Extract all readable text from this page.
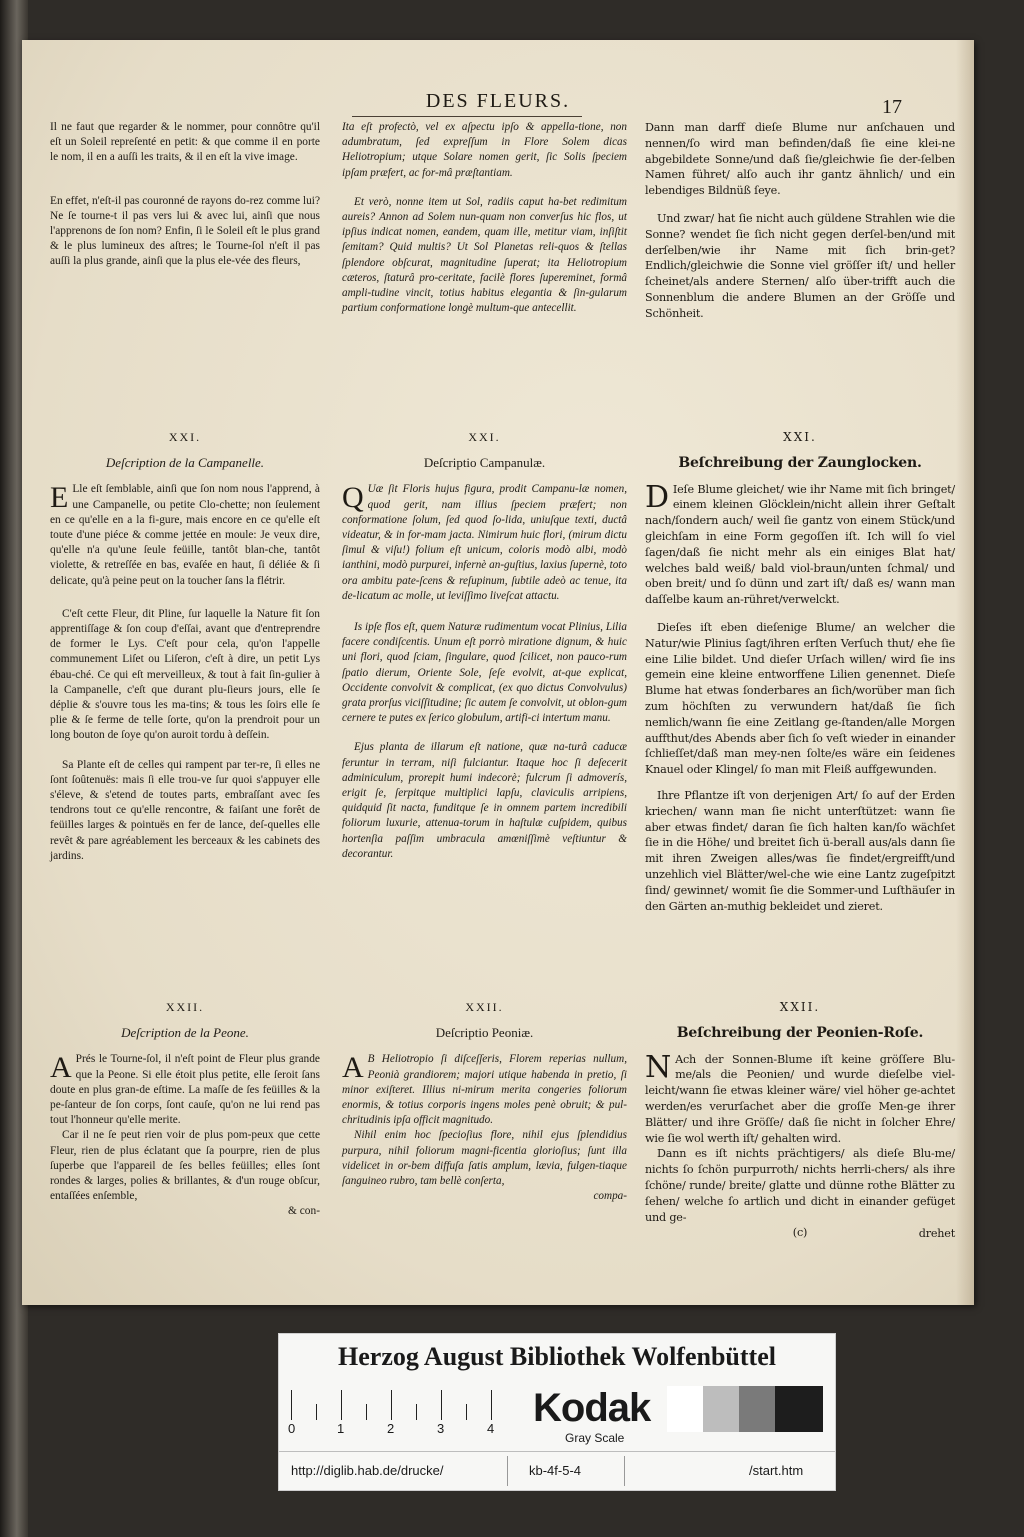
DES FLEURS.	17

Il ne faut que regarder & le nommer, pour connôtre qu'il eſt un Soleil repreſenté en petit: & que comme il en porte le nom, il en a auſſi les traits, & il en eſt la vive image.

En effet, n'eſt-il pas couronné de rayons do-rez comme lui? Ne ſe tourne-t il pas vers lui & avec lui, ainſi que nous l'apprenons de ſon nom? Enfin, ſi le Soleil eſt le plus grand & le plus lumineux des aſtres; le Tourne-ſol n'eſt il pas auſſi la plus grande, ainſi que la plus ele-vée des fleurs,

XXI.
Deſcription de la Campanelle.

E Lle eſt ſemblable, ainſi que ſon nom nous l'apprend, à une Campanelle, ou petite Clo-chette; non ſeulement en ce qu'elle en a la fi-gure, mais encore en ce qu'elle eſt toute d'une piéce & comme jettée en moule: Je veux dire, qu'elle n'a qu'une ſeule feüille, tantôt blan-che, tantôt violette, & retreſſée en bas, evaſée en haut, ſi déliée & ſi delicate, qu'à peine peut on la toucher ſans la flétrir.

C'eſt cette Fleur, dit Pline, ſur laquelle la Nature fit ſon apprentiſſage & ſon coup d'eſſai, avant que d'entreprendre de former le Lys. C'eſt pour cela, qu'on l'appelle communement Liſet ou Liſeron, c'eſt à dire, un petit Lys ébau-ché. Ce qui eſt merveilleux, & tout à fait ſin-gulier à la Campanelle, c'eſt que durant plu-ſieurs jours, elle ſe déplie & s'ouvre tous les ma-tins; & tous les ſoirs elle ſe plie & ſe ferme de telle ſorte, qu'on la prendroit pour un long bouton de ſoye qu'on auroit tordu à deſſein.

Sa Plante eſt de celles qui rampent par ter-re, ſi elles ne ſont ſoûtenuës: mais ſi elle trou-ve ſur quoi s'appuyer elle s'éleve, & s'etend de toutes parts, embraſſant avec ſes tendrons tout ce qu'elle rencontre, & faiſant une forêt de feüilles larges & pointuës en fer de lance, deſ-quelles elle revêt & pare agréablement les berceaux & les cabinets des jardins.

XXII.
Deſcription de la Peone.

A Prés le Tourne-ſol, il n'eſt point de Fleur plus grande que la Peone. Si elle étoit plus petite, elle ſeroit ſans doute en plus gran-de eſtime. La maſſe de ſes feüilles & la pe-ſanteur de ſon corps, ſont cauſe, qu'on ne lui rend pas tout l'honneur qu'elle merite.

Car il ne ſe peut rien voir de plus pom-peux que cette Fleur, rien de plus éclatant que ſa pourpre, rien de plus ſuperbe que l'appareil de ſes belles feüilles; elles ſont rondes & larges, polies & brillantes, & d'un rouge obſcur, entaſſées enſemble,

& con-

Ita eſt profectò, vel ex aſpectu ipſo & appella-tione, non adumbratum, ſed expreſſum in Flore Solem dicas Heliotropium; utque Solare nomen gerit, ſic Solis ſpeciem ipſam præfert, ac for-mâ præſtantiam.

Et verò, nonne item ut Sol, radiis caput ha-bet redimitum aureis? Annon ad Solem nun-quam non converſus hic flos, ut ipſius indicat nomen, eandem, quam ille, metitur viam, inſiſtit ſemitam? Quid multis? Ut Sol Planetas reli-quos & ſtellas ſplendore obſcurat, magnitudine ſuperat; ita Heliotropium cæteros, ſtaturâ pro-ceritate, facilè flores ſupereminet, formâ ampli-tudine vincit, totius habitus elegantia & ſin-gularum partium conformatione longè multum-que antecellit.

XXI.
Deſcriptio Campanulæ.

Q Uæ ſit Floris hujus figura, prodit Campanu-læ nomen, quod gerit, nam illius ſpeciem præfert; non conformatione ſolum, ſed quod ſo-lida, uniuſque texti, ductâ videatur, & in for-mam jacta. Nimirum huic flori, (mirum dictu ſimul & viſu!) folium eſt unicum, coloris modò albi, modò ianthini, modò purpurei, infernè an-guſtius, laxius ſupernè, toto ora ambitu pate-ſcens & reſupinum, ſubtile adeò ac tenue, ita de-licatum ac molle, ut leviſſimo liveſcat attactu.

Is ipſe flos eſt, quem Naturæ rudimentum vocat Plinius, Lilia facere condiſcentis. Unum eſt porrò miratione dignum, & huic uni flori, quod ſciam, ſingulare, quod ſcilicet, non pauco-rum ſpatio dierum, Oriente Sole, ſeſe evolvit, at-que explicat, Occidente convolvit & complicat, (ex quo dictus Convolvulus) grata prorſus viciſſitudine; ſic autem ſe convolvit, ut oblon-gum cernere te putes ex ſerico globulum, artifi-ci intertum manu.

Ejus planta de illarum eſt natione, quæ na-turâ caducæ feruntur in terram, niſi fulciantur. Itaque hoc ſi deſecerit adminiculum, prorepit humi indecorè; fulcrum ſi admoverís, erigit ſe, ſerpitque multiplici lapſu, claviculis arripiens, quidquid ſit nacta, funditque ſe in omnem partem incredibili foliorum luxurie, attenua-torum in haſtulæ cuſpidem, quibus hortenſia paſſim umbracula amœniſſimè veſtiuntur & decorantur.

XXII.
Deſcriptio Peoniæ.

A B Heliotropio ſi diſceſſeris, Florem reperias nullum, Peonià grandiorem; majori utique habenda in pretio, ſi minor exiſteret. Illius ni-mirum merita congeries foliorum enormis, & totius corporis ingens moles penè obruit; & pul-chritudinis ipſa officit magnitudo.

Nihil enim hoc ſpecioſius flore, nihil ejus ſplendidius purpura, nihil foliorum magni-ficentia glorioſius; ſunt illa videlicet in or-bem diffuſa ſatis amplum, lævia, fulgen-tiaque ſanguineo rubro, tam bellè conſerta,

compa-

Dann man darff dieſe Blume nur anſchauen und nennen/ſo wird man befinden/daß ſie eine klei-ne abgebildete Sonne/und daß ſie/gleichwie ſie der-ſelben Namen führet/ alſo auch ihr gantz ähnlich/ und ein lebendiges Bildnüß ſeye.

Und zwar/ hat ſie nicht auch güldene Strahlen wie die Sonne? wendet ſie ſich nicht gegen derſel-ben/und mit derſelben/wie ihr Name mit ſich brin-get? Endlich/gleichwie die Sonne viel gröſſer iſt/ und heller ſcheinet/als andere Sternen/ alſo über-trifft auch die Sonnenblum die andere Blumen an der Gröſſe und Schönheit.

XXI.
Beſchreibung der Zaunglocken.

D Ieſe Blume gleichet/ wie ihr Name mit ſich bringet/ einem kleinen Glöcklein/nicht allein ihrer Geſtalt nach/ſondern auch/ weil ſie gantz von einem Stück/und gleichſam in eine Form gegoſſen iſt. Ich will ſo viel ſagen/daß ſie nicht mehr als ein einiges Blat hat/ welches bald weiß/ bald viol-braun/unten ſchmal/ und oben breit/ und ſo dünn und zart iſt/ daß es/ wann man daſſelbe kaum an-rühret/verwelckt.

Dieſes iſt eben dieſenige Blume/ an welcher die Natur/wie Plinius ſagt/ihren erſten Verſuch thut/ ehe ſie eine Lilie bildet. Und dieſer Urſach willen/ wird ſie ins gemein eine kleine entworffene Lilien genennet. Dieſe Blume hat etwas ſonderbares an ſich/worüber man ſich zum höchſten zu verwundern hat/daß ſie ſich nemlich/wann ſie eine Zeitlang ge-ſtanden/alle Morgen auffthut/des Abends aber ſich ſo veſt wieder in einander ſchlieſſet/daß man mey-nen ſolte/es wäre ein ſeidenes Knauel oder Klingel/ ſo man mit Fleiß auffgewunden.

Ihre Pflantze iſt von derjenigen Art/ ſo auf der Erden kriechen/ wann man ſie nicht unterſtützet: wann ſie aber etwas findet/ daran ſie ſich halten kan/ſo wächſet ſie in die Höhe/ und breitet ſich ü-berall aus/als dann ſie mit ihren Zweigen alles/was ſie findet/ergreifft/und unzehlich viel Blätter/wel-che wie eine Lantz zugeſpitzt ſind/ gewinnet/ womit ſie die Sommer-und Luſthäuſer in den Gärten an-muthig bekleidet und zieret.

XXII.
Beſchreibung der Peonien-Roſe.

N Ach der Sonnen-Blume iſt keine gröſſere Blu-me/als die Peonien/ und wurde dieſelbe viel-leicht/wann ſie etwas kleiner wäre/ viel höher ge-achtet werden/es verurſachet aber die groſſe Men-ge ihrer Blätter/ und ihre Gröſſe/ daß ſie nicht in ſolcher Ehre/ wie ſie wol werth iſt/ gehalten wird.

Dann es iſt nichts prächtigers/ als dieſe Blu-me/ nichts ſo ſchön purpurroth/ nichts herrli-chers/ als ihre ſchöne/ runde/ breite/ glatte und dünne rothe Blätter zu ſehen/ welche ſo artlich und dicht in einander gefüget und ge-

(c)	drehet

Herzog August Bibliothek Wolfenbüttel
0	1	2	3	4 Kodak
Gray Scale
http://diglib.hab.de/drucke/	kb-4f-5-4	/start.htm
